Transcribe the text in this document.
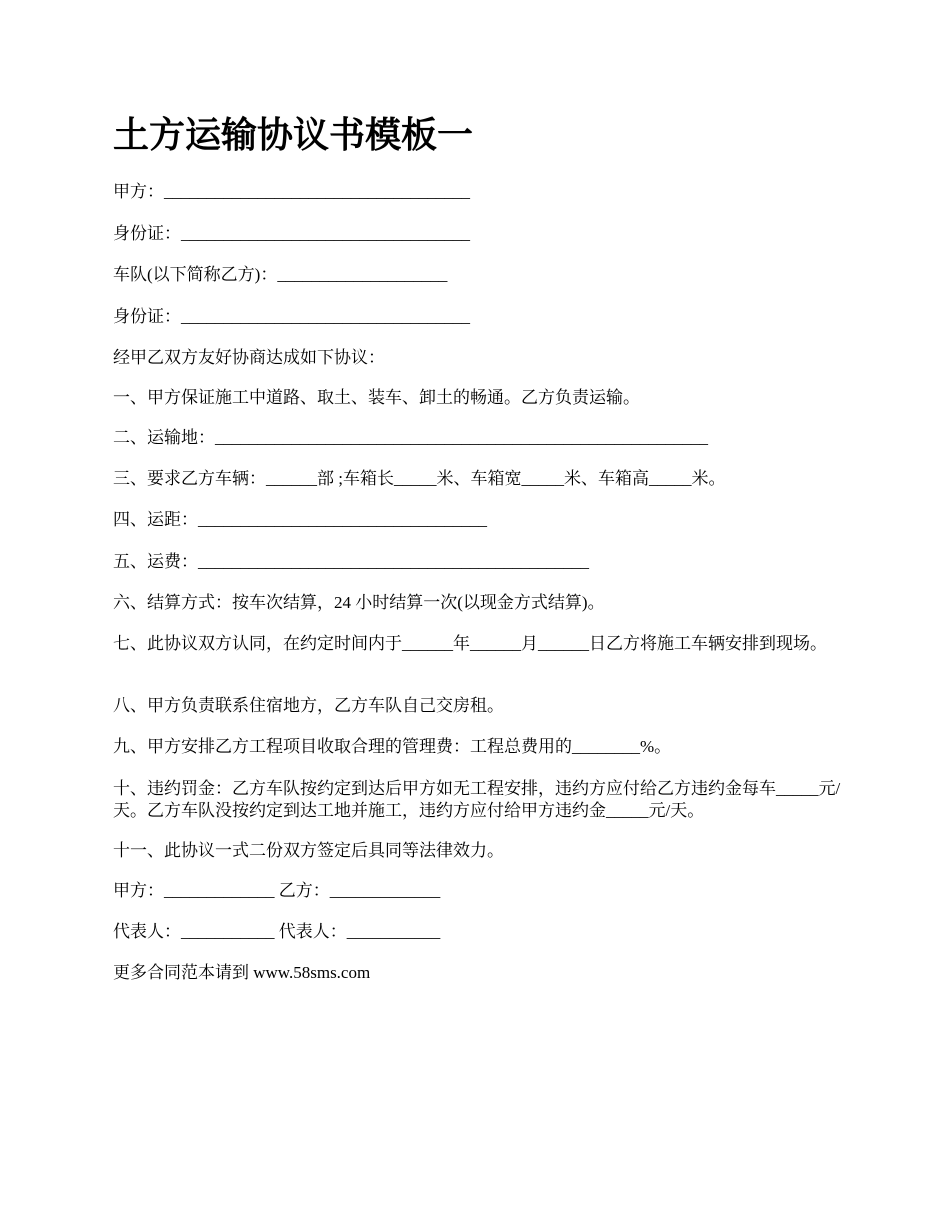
土方运输协议书模板一
甲方：____________________________________
身份证：__________________________________
车队(以下简称乙方)：____________________
身份证：__________________________________
经甲乙双方友好协商达成如下协议：
一、甲方保证施工中道路、取土、装车、卸土的畅通。乙方负责运输。
二、运输地：__________________________________________________________
三、要求乙方车辆：______部 ;车箱长_____米、车箱宽_____米、车箱高_____米。
四、运距：__________________________________
五、运费：______________________________________________
六、结算方式：按车次结算，24 小时结算一次(以现金方式结算)。
七、此协议双方认同，在约定时间内于______年______月______日乙方将施工车辆安排到现场。
八、甲方负责联系住宿地方，乙方车队自己交房租。
九、甲方安排乙方工程项目收取合理的管理费：工程总费用的________%。
十、违约罚金：乙方车队按约定到达后甲方如无工程安排，违约方应付给乙方违约金每车_____元/天。乙方车队没按约定到达工地并施工，违约方应付给甲方违约金_____元/天。
十一、此协议一式二份双方签定后具同等法律效力。
甲方：_____________ 乙方：_____________
代表人：___________ 代表人：___________
更多合同范本请到 www.58sms.com
